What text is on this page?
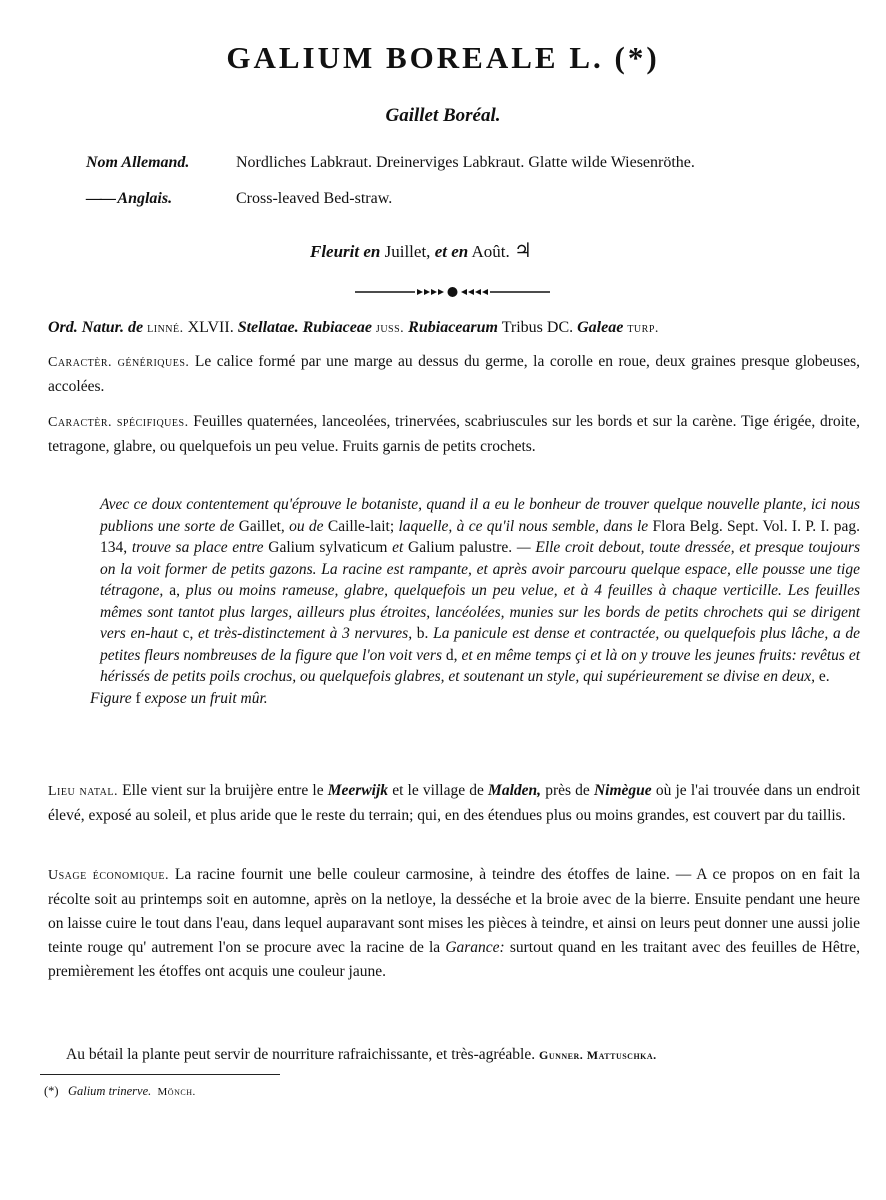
GALIUM BOREALE L. (*)
Gaillet Boréal.
Nom Allemand.	Nordliches Labkraut. Dreinerviges Labkraut. Glatte wilde Wiesenröthe.
—— Anglais.	Cross-leaved Bed-straw.
Fleurit en Juillet, et en Août. ♃
Ord. Natur. de linné. XLVII. Stellatae. Rubiaceae juss. Rubiacearum Tribus DC. Galeae turp.
Caractèr. génériques. Le calice formé par une marge au dessus du germe, la corolle en roue, deux graines presque globeuses, accolées.
Caractèr. spécifiques. Feuilles quaternées, lanceolées, trinervées, scabriuscules sur les bords et sur la carène. Tige érigée, droite, tetragone, glabre, ou quelquefois un peu velue. Fruits garnis de petits crochets.
Avec ce doux contentement qu'éprouve le botaniste, quand il a eu le bonheur de trouver quelque nouvelle plante, ici nous publions une sorte de Gaillet, ou de Caille-lait; laquelle, à ce qu'il nous semble, dans le Flora Belg. Sept. Vol. I. P. I. pag. 134, trouve sa place entre Galium sylvaticum et Galium palustre. — Elle croit debout, toute dressée, et presque toujours on la voit former de petits gazons. La racine est rampante, et après avoir parcouru quelque espace, elle pousse une tige tétragone, a, plus ou moins rameuse, glabre, quelquefois un peu velue, et à 4 feuilles à chaque verticille. Les feuilles mêmes sont tantot plus larges, ailleurs plus étroites, lancéolées, munies sur les bords de petits chrochets qui se dirigent vers en-haut c, et très-distinctement à 3 nervures, b. La panicule est dense et contractée, ou quelquefois plus lâche, a de petites fleurs nombreuses de la figure que l'on voit vers d, et en même temps çi et là on y trouve les jeunes fruits: revêtus et hérissés de petits poils crochus, ou quelquefois glabres, et soutenant un style, qui supérieurement se divise en deux, e.
Figure f expose un fruit mûr.
Lieu natal. Elle vient sur la bruijère entre le Meerwijk et le village de Malden, près de Nimègue où je l'ai trouvée dans un endroit élevé, exposé au soleil, et plus aride que le reste du terrain; qui, en des étendues plus ou moins grandes, est couvert par du taillis.
Usage économique. La racine fournit une belle couleur carmosine, à teindre des étoffes de laine. — A ce propos on en fait la récolte soit au printemps soit en automne, après on la netloye, la desséche et la broie avec de la bierre. Ensuite pendant une heure on laisse cuire le tout dans l'eau, dans lequel auparavant sont mises les pièces à teindre, et ainsi on leurs peut donner une aussi jolie teinte rouge qu' autrement l'on se procure avec la racine de la Garance: surtout quand en les traitant avec des feuilles de Hêtre, premièrement les étoffes ont acquis une couleur jaune.
Au bétail la plante peut servir de nourriture rafraichissante, et très-agréable. Gunner. Mattuschka.
(*) Galium trinerve. Mönch.
